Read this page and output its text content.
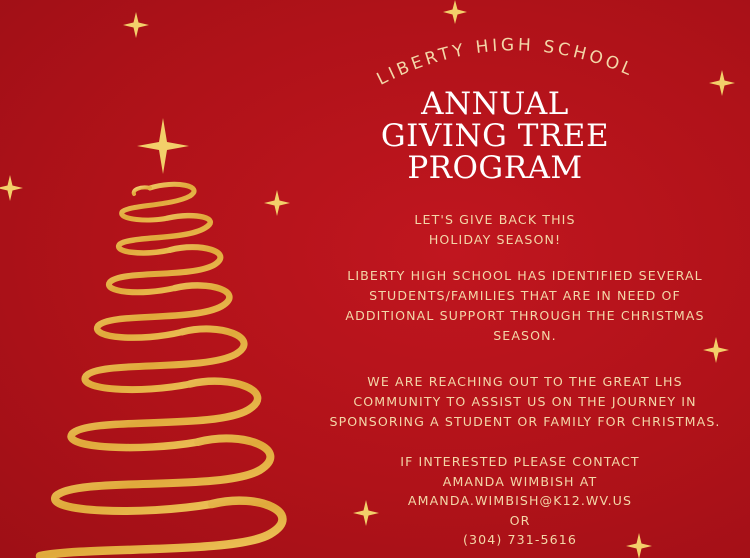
LIBERTY HIGH SCHOOL
ANNUAL
GIVING TREE
PROGRAM
LET'S GIVE BACK THIS
HOLIDAY SEASON!
LIBERTY HIGH SCHOOL HAS IDENTIFIED SEVERAL
STUDENTS/FAMILIES THAT ARE IN NEED OF
ADDITIONAL SUPPORT THROUGH THE CHRISTMAS
SEASON.
WE ARE REACHING OUT TO THE GREAT LHS
COMMUNITY TO ASSIST US ON THE JOURNEY IN
SPONSORING A STUDENT OR FAMILY FOR CHRISTMAS.
IF INTERESTED PLEASE CONTACT
AMANDA WIMBISH AT
AMANDA.WIMBISH@K12.WV.US
OR
(304) 731-5616
